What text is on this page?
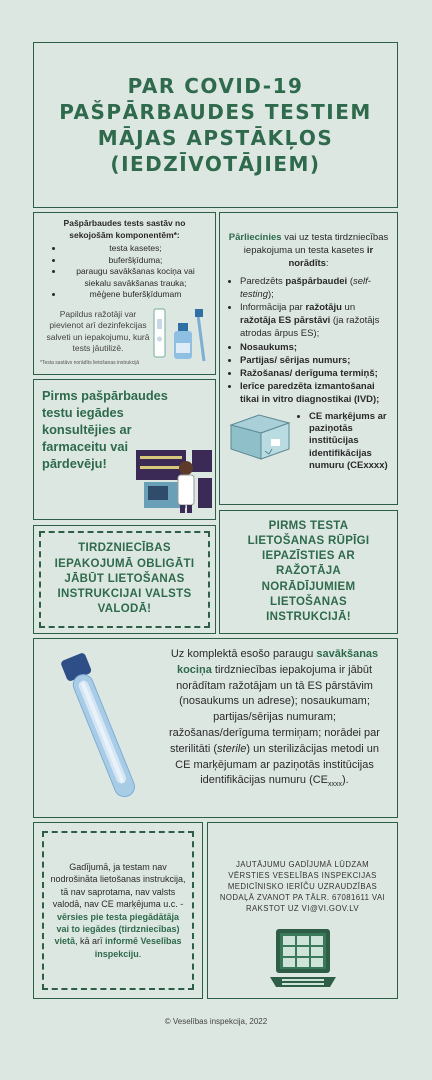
PAR COVID-19
PAŠPĀRBAUDES TESTIEM
MĀJAS APSTĀKĻOS
(IEDZĪVOTĀJIEM)
Pašpārbaudes tests sastāv no sekojošām komponentēm*:
• testa kasetes;
• buferšķīduma;
• paraugu savākšanas kociņa vai siekalu savākšanas trauka;
• mēģene buferšķīdumam
Papildus ražotāji var pievienot arī dezinfekcijas salveti un iepakojumu, kurā tests jāutilizē.
*Testa sastāvs norādīts lietošanas instrukcijā
Pārliecinies vai uz testa tirdzniecības iepakojuma un testa kasetes ir norādīts:
• Paredzēts pašpārbaudei (self-testing);
• Informācija par ražotāju un ražotāja ES pārstāvi (ja ražotājs atrodas ārpus ES);
• Nosaukums;
• Partijas/ sērijas numurs;
• Ražošanas/ derīguma termiņš;
• Ierīce paredzēta izmantošanai tikai in vitro diagnostikai (IVD);
• CE marķējums ar paziņotās institūcijas identifikācijas numuru (CExxxx)

Pirms pašpārbaudes testu iegādes konsultējies ar farmaceitu vai pārdevēju!

TIRDZNIECĪBAS IEPAKOJUMĀ OBLIGĀTI JĀBŪT LIETOŠANAS INSTRUKCIJAI VALSTS VALODĀ!

PIRMS TESTA LIETOŠANAS RŪPĪGI IEPAZĪSTIES AR RAŽOTĀJA NORĀDĪJUMIEM LIETOŠANAS INSTRUKCIJĀ!

Uz komplektā esošo paraugu savākšanas kociņa tirdzniecības iepakojuma ir jābūt norādītam ražotājam un tā ES pārstāvim (nosaukums un adrese); nosaukumam; partijas/sērijas numuram; ražošanas/derīguma termiņam; norādei par sterilitāti (sterile) un sterilizācijas metodi un CE marķējumam ar paziņotās institūcijas identifikācijas numuru $(CE_{xxxx})$.

Gadījumā, ja testam nav nodrošināta lietošanas instrukcija, tā nav saprotama, nav valsts valodā, nav CE marķējuma u.c. - vērsies pie testa piegādātāja vai to iegādes (tirdzniecības) vietā, kā arī informē Veselības inspekciju.

JAUTĀJUMU GADĪJUMĀ LŪDZAM VĒRSTIES VESELĪBAS INSPEKCIJAS MEDICĪNISKO IERĪČU UZRAUDZĪBAS NODAĻĀ ZVANOT PA TĀLR. 67081611 VAI RAKSTOT UZ VI@VI.GOV.LV

© Veselības inspekcija, 2022
